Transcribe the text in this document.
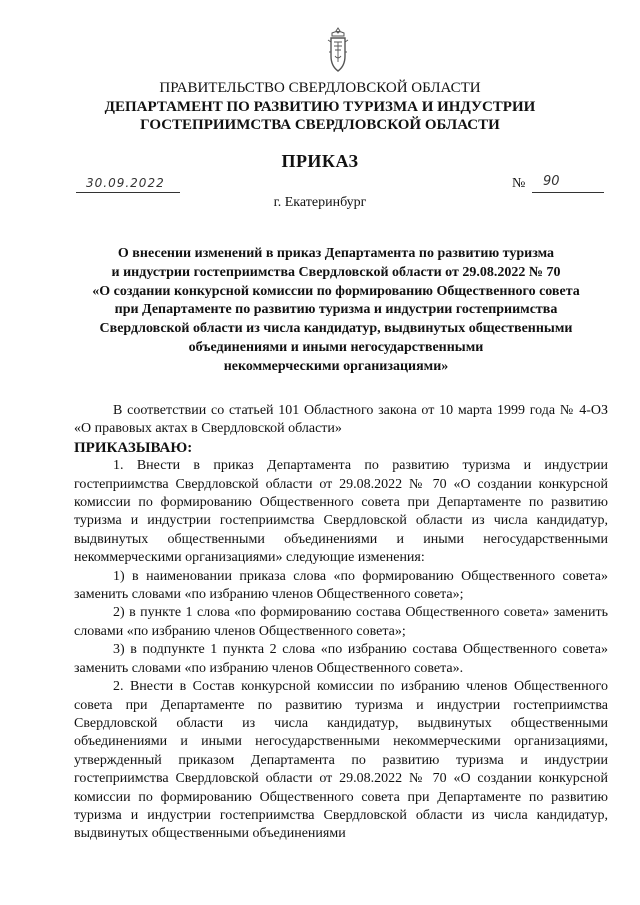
ПРАВИТЕЛЬСТВО СВЕРДЛОВСКОЙ ОБЛАСТИ
ДЕПАРТАМЕНТ ПО РАЗВИТИЮ ТУРИЗМА И ИНДУСТРИИ
ГОСТЕПРИИМСТВА СВЕРДЛОВСКОЙ ОБЛАСТИ
ПРИКАЗ
30.09.2022	№ 90
г. Екатеринбург
О внесении изменений в приказ Департамента по развитию туризма
и индустрии гостеприимства Свердловской области от 29.08.2022 № 70
«О создании конкурсной комиссии по формированию Общественного совета
при Департаменте по развитию туризма и индустрии гостеприимства
Свердловской области из числа кандидатур, выдвинутых общественными
объединениями и иными негосударственными
некоммерческими организациями»

В соответствии со статьей 101 Областного закона от 10 марта 1999 года № 4-ОЗ «О правовых актах в Свердловской области»

ПРИКАЗЫВАЮ:

1. Внести в приказ Департамента по развитию туризма и индустрии гостеприимства Свердловской области от 29.08.2022 № 70 «О создании конкурсной комиссии по формированию Общественного совета при Департаменте по развитию туризма и индустрии гостеприимства Свердловской области из числа кандидатур, выдвинутых общественными объединениями и иными негосударственными некоммерческими организациями» следующие изменения:

1) в наименовании приказа слова «по формированию Общественного совета» заменить словами «по избранию членов Общественного совета»;

2) в пункте 1 слова «по формированию состава Общественного совета» заменить словами «по избранию членов Общественного совета»;

3) в подпункте 1 пункта 2 слова «по избранию состава Общественного совета» заменить словами «по избранию членов Общественного совета».

2. Внести в Состав конкурсной комиссии по избранию членов Общественного совета при Департаменте по развитию туризма и индустрии гостеприимства Свердловской области из числа кандидатур, выдвинутых общественными объединениями и иными негосударственными некоммерческими организациями, утвержденный приказом Департамента по развитию туризма и индустрии гостеприимства Свердловской области от 29.08.2022 № 70 «О создании конкурсной комиссии по формированию Общественного совета при Департаменте по развитию туризма и индустрии гостеприимства Свердловской области из числа кандидатур, выдвинутых общественными объединениями
